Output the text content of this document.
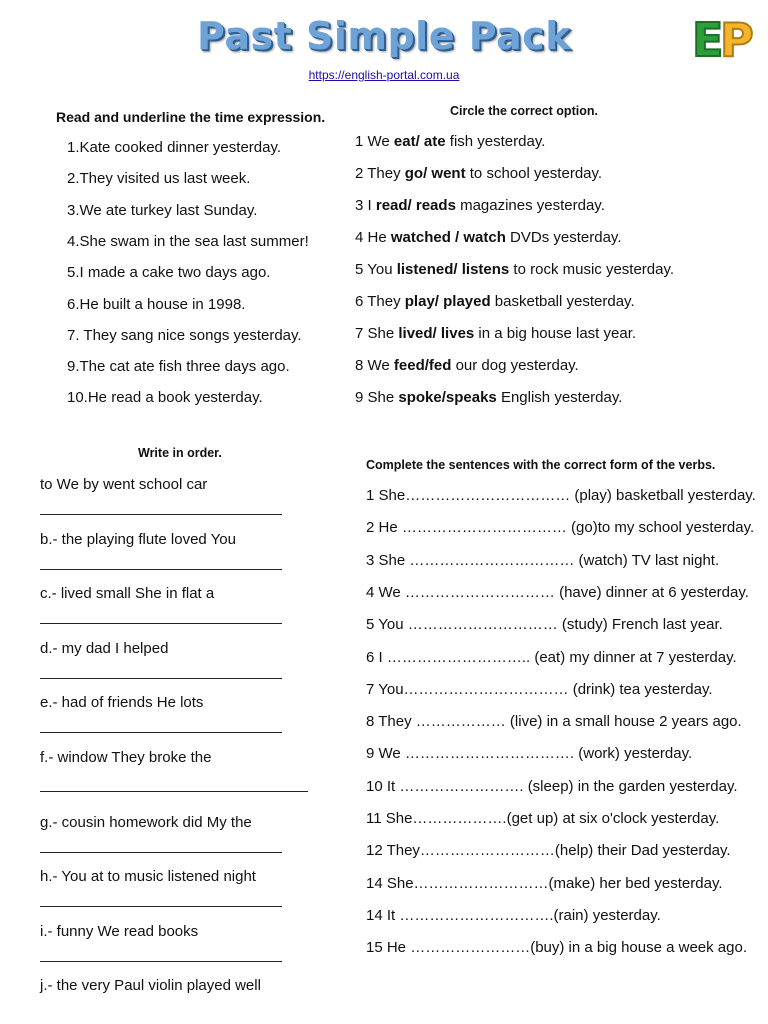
Past Simple Pack
https://english-portal.com.ua
E
P
Read and underline the time expression.
1.Kate cooked dinner yesterday.
2.They visited us last week.
3.We ate turkey last Sunday.
4.She swam in the sea last summer!
5.I made a cake two days ago.
6.He built a house in 1998.
7. They sang nice songs yesterday.
9.The cat ate fish three days ago.
10.He read a book yesterday.
Circle the correct option.
1 We eat/ ate fish yesterday.
2 They go/ went to school yesterday.
3 I read/ reads magazines yesterday.
4 He watched / watch DVDs yesterday.
5 You listened/ listens to rock music yesterday.
6 They play/ played basketball yesterday.
7 She lived/ lives in a big house last year.
8 We feed/fed our dog yesterday.
9 She spoke/speaks English yesterday.
Write in order.
to We by went school car
b.- the playing flute loved You
c.- lived small She in flat a
d.- my dad I helped
e.- had of friends He lots
f.- window They broke the
g.- cousin homework did My the
h.- You at to music listened night
i.- funny We read books
j.- the very Paul violin played well
Complete the sentences with the correct form of the verbs.
1 She…………………………… (play) basketball yesterday.
2 He …………………………… (go)to my school yesterday.
3 She …………………………… (watch) TV last night.
4 We ………………………… (have) dinner at 6 yesterday.
5 You ………………………… (study) French last year.
6 I ……………………….. (eat) my dinner at 7 yesterday.
7 You…………………………… (drink) tea yesterday.
8 They ……………… (live) in a small house 2 years ago.
9 We ……………………………. (work) yesterday.
10 It ……………………. (sleep) in the garden yesterday.
11 She……………….(get up) at six o'clock yesterday.
12 They………………………(help) their Dad yesterday.
14 She………………………(make) her bed yesterday.
14 It ………………………….(rain) yesterday.
15 He ……………………(buy) in a big house a week ago.
